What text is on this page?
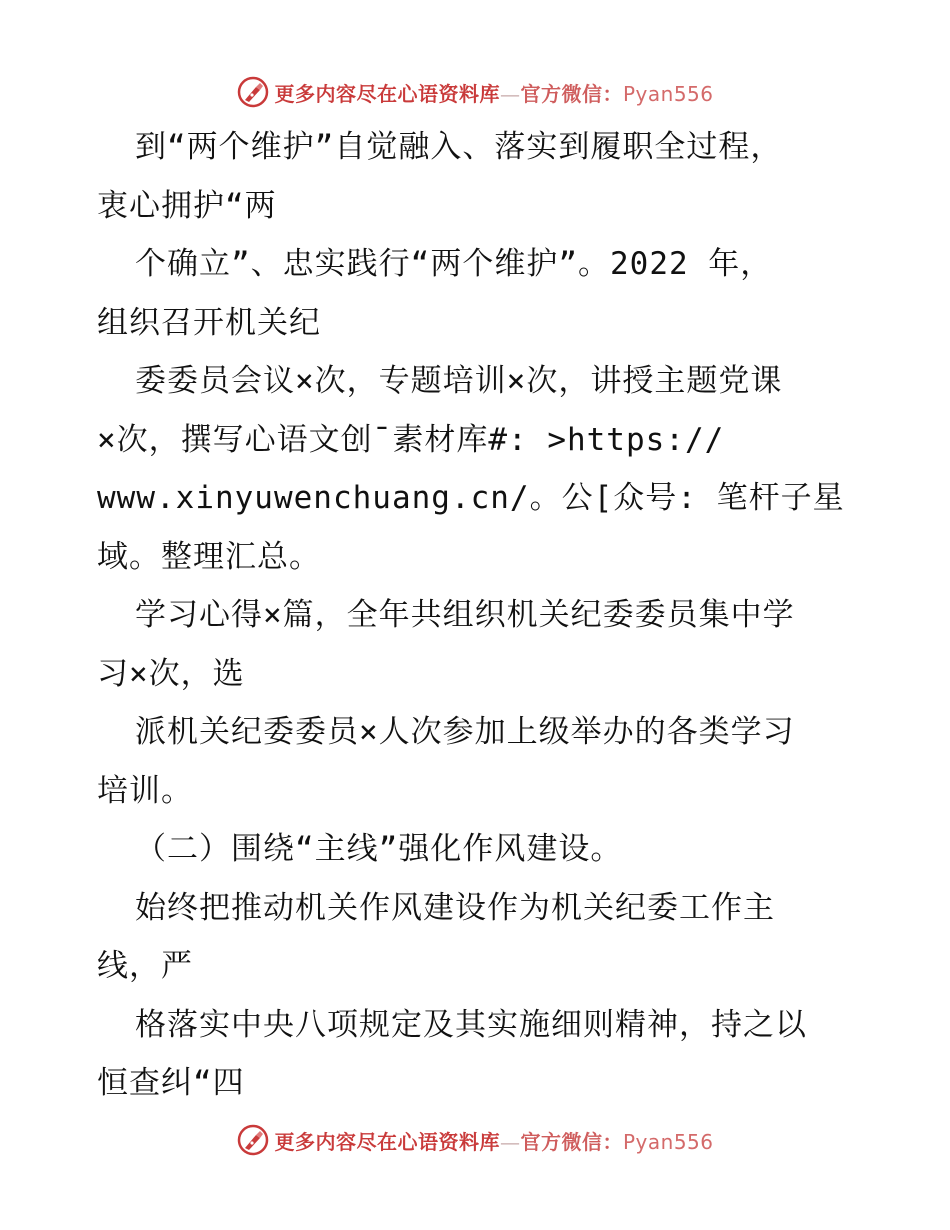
更多内容尽在心语资料库—官方微信：Pyan556
到“两个维护”自觉融入、落实到履职全过程，
衷心拥护“两
个确立”、忠实践行“两个维护”。2022 年，
组织召开机关纪
委委员会议×次，专题培训×次，讲授主题党课
×次，撰写心语文创¯素材库#: >https://
www.xinyuwenchuang.cn/。公[众号: 笔杆子星
域。整理汇总。
学习心得×篇，全年共组织机关纪委委员集中学
习×次，选
派机关纪委委员×人次参加上级举办的各类学习
培训。
（二）围绕“主线”强化作风建设。
始终把推动机关作风建设作为机关纪委工作主
线，严
格落实中央八项规定及其实施细则精神，持之以
恒查纠“四
更多内容尽在心语资料库—官方微信：Pyan556
